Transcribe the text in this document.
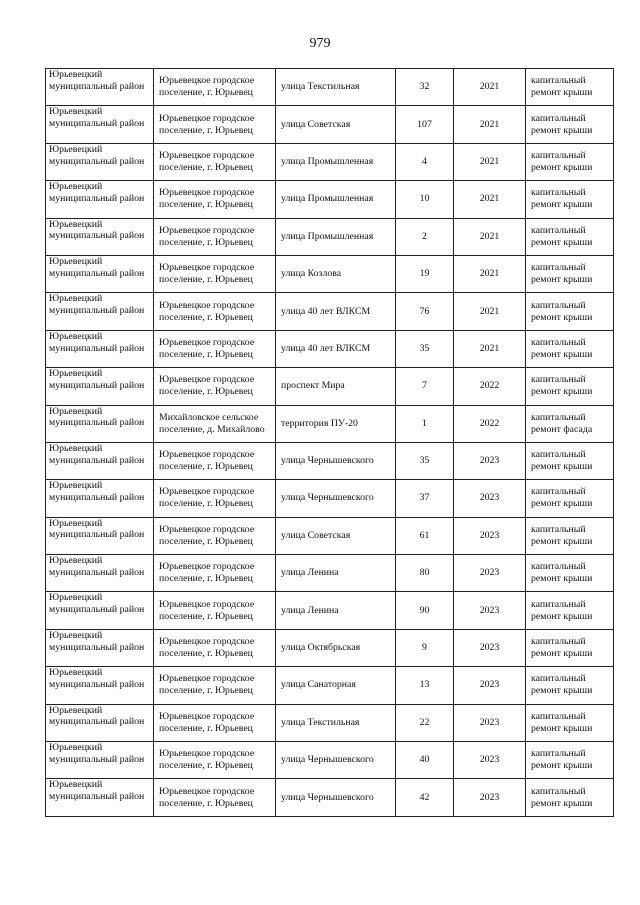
979
Юрьевецкий муниципальный район	Юрьевецкое городское поселение, г. Юрьевец	улица Текстильная	32	2021	капитальный ремонт крыши
Юрьевецкий муниципальный район	Юрьевецкое городское поселение, г. Юрьевец	улица Советская	107	2021	капитальный ремонт крыши
Юрьевецкий муниципальный район	Юрьевецкое городское поселение, г. Юрьевец	улица Промышленная	4	2021	капитальный ремонт крыши
Юрьевецкий муниципальный район	Юрьевецкое городское поселение, г. Юрьевец	улица Промышленная	10	2021	капитальный ремонт крыши
Юрьевецкий муниципальный район	Юрьевецкое городское поселение, г. Юрьевец	улица Промышленная	2	2021	капитальный ремонт крыши
Юрьевецкий муниципальный район	Юрьевецкое городское поселение, г. Юрьевец	улица Козлова	19	2021	капитальный ремонт крыши
Юрьевецкий муниципальный район	Юрьевецкое городское поселение, г. Юрьевец	улица 40 лет ВЛКСМ	76	2021	капитальный ремонт крыши
Юрьевецкий муниципальный район	Юрьевецкое городское поселение, г. Юрьевец	улица 40 лет ВЛКСМ	35	2021	капитальный ремонт крыши
Юрьевецкий муниципальный район	Юрьевецкое городское поселение, г. Юрьевец	проспект Мира	7	2022	капитальный ремонт крыши
Юрьевецкий муниципальный район	Михайловское сельское поселение, д. Михайлово	территория ПУ-20	1	2022	капитальный ремонт фасада
Юрьевецкий муниципальный район	Юрьевецкое городское поселение, г. Юрьевец	улица Чернышевского	35	2023	капитальный ремонт крыши
Юрьевецкий муниципальный район	Юрьевецкое городское поселение, г. Юрьевец	улица Чернышевского	37	2023	капитальный ремонт крыши
Юрьевецкий муниципальный район	Юрьевецкое городское поселение, г. Юрьевец	улица Советская	61	2023	капитальный ремонт крыши
Юрьевецкий муниципальный район	Юрьевецкое городское поселение, г. Юрьевец	улица Ленина	80	2023	капитальный ремонт крыши
Юрьевецкий муниципальный район	Юрьевецкое городское поселение, г. Юрьевец	улица Ленина	90	2023	капитальный ремонт крыши
Юрьевецкий муниципальный район	Юрьевецкое городское поселение, г. Юрьевец	улица Октябрьская	9	2023	капитальный ремонт крыши
Юрьевецкий муниципальный район	Юрьевецкое городское поселение, г. Юрьевец	улица Санаторная	13	2023	капитальный ремонт крыши
Юрьевецкий муниципальный район	Юрьевецкое городское поселение, г. Юрьевец	улица Текстильная	22	2023	капитальный ремонт крыши
Юрьевецкий муниципальный район	Юрьевецкое городское поселение, г. Юрьевец	улица Чернышевского	40	2023	капитальный ремонт крыши
Юрьевецкий муниципальный район	Юрьевецкое городское поселение, г. Юрьевец	улица Чернышевского	42	2023	капитальный ремонт крыши
